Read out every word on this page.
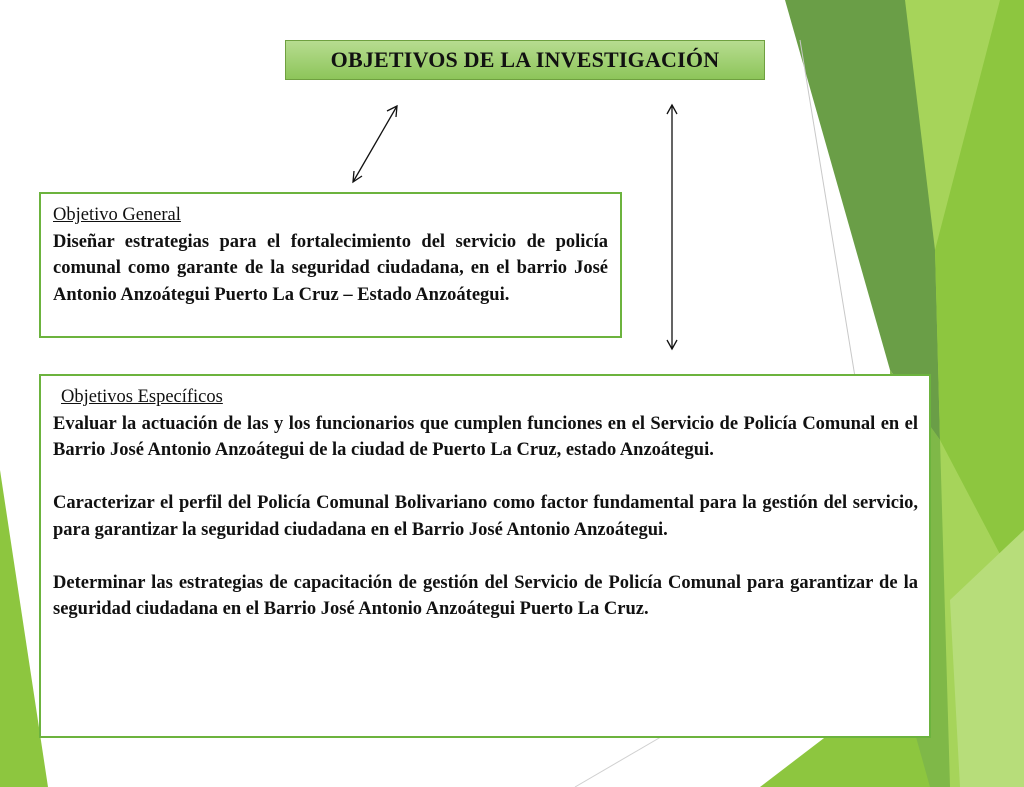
OBJETIVOS DE LA INVESTIGACIÓN
Objetivo General
Diseñar estrategias para el fortalecimiento del servicio de policía comunal como garante de la seguridad ciudadana, en el barrio José Antonio Anzoátegui Puerto La Cruz – Estado Anzoátegui.
Objetivos Específicos

Evaluar la actuación de las y los funcionarios que cumplen funciones en el Servicio de Policía Comunal en el Barrio José Antonio Anzoátegui de la ciudad de Puerto La Cruz, estado Anzoátegui.

Caracterizar el perfil del Policía Comunal Bolivariano como factor fundamental para la gestión del servicio, para garantizar la seguridad ciudadana en el Barrio José Antonio Anzoátegui.

Determinar las estrategias de capacitación de gestión del Servicio de Policía Comunal para garantizar de la seguridad ciudadana en el Barrio José Antonio Anzoátegui Puerto La Cruz.
